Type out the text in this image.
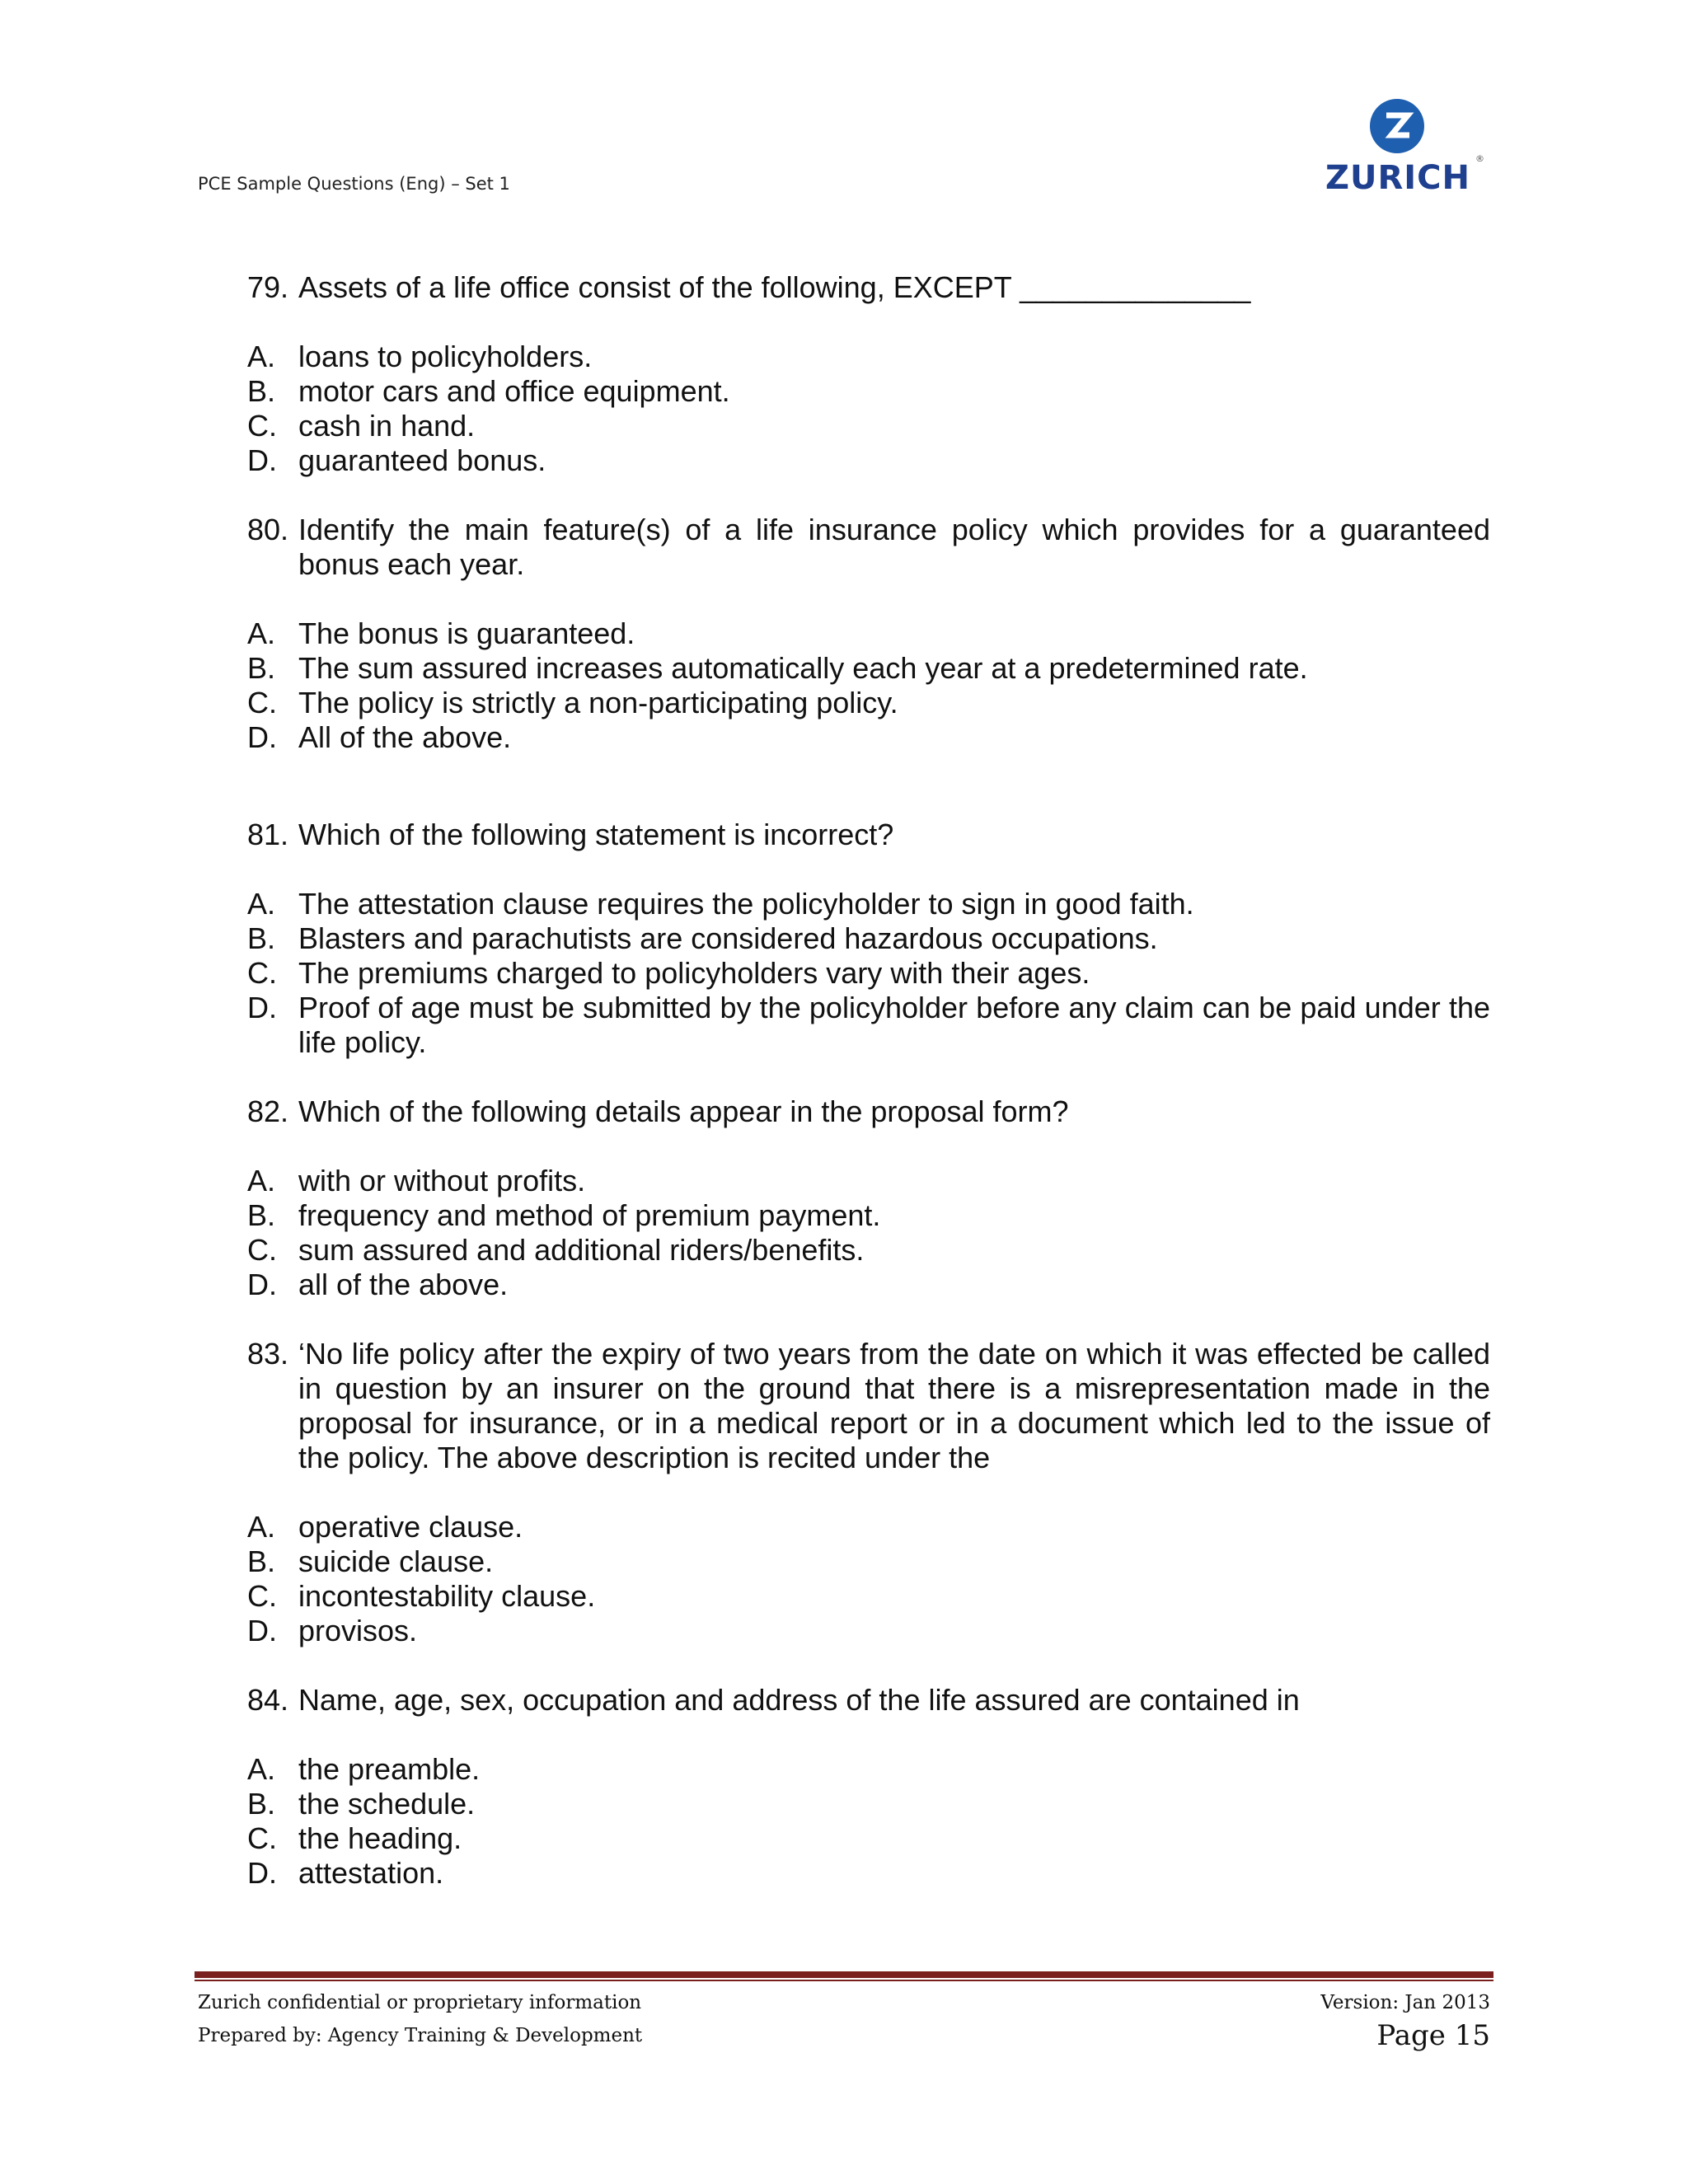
PCE Sample Questions (Eng) – Set 1	ZURICH
®
79. Assets of a life office consist of the following, EXCEPT ______________
A. loans to policyholders.
B. motor cars and office equipment.
C. cash in hand.
D. guaranteed bonus.
80. Identify the main feature(s) of a life insurance policy which provides for a guaranteed bonus each year.
A. The bonus is guaranteed.
B. The sum assured increases automatically each year at a predetermined rate.
C. The policy is strictly a non-participating policy.
D. All of the above.
81. Which of the following statement is incorrect?
A. The attestation clause requires the policyholder to sign in good faith.
B. Blasters and parachutists are considered hazardous occupations.
C. The premiums charged to policyholders vary with their ages.
D. Proof of age must be submitted by the policyholder before any claim can be paid under the life policy.
82. Which of the following details appear in the proposal form?
A. with or without profits.
B. frequency and method of premium payment.
C. sum assured and additional riders/benefits.
D. all of the above.
83. ‘No life policy after the expiry of two years from the date on which it was effected be called in question by an insurer on the ground that there is a misrepresentation made in the proposal for insurance, or in a medical report or in a document which led to the issue of the policy. The above description is recited under the
A. operative clause.
B. suicide clause.
C. incontestability clause.
D. provisos.
84. Name, age, sex, occupation and address of the life assured are contained in
A. the preamble.
B. the schedule.
C. the heading.
D. attestation.
Zurich confidential or proprietary information
Prepared by: Agency Training & Development
Version: Jan 2013
Page 15
